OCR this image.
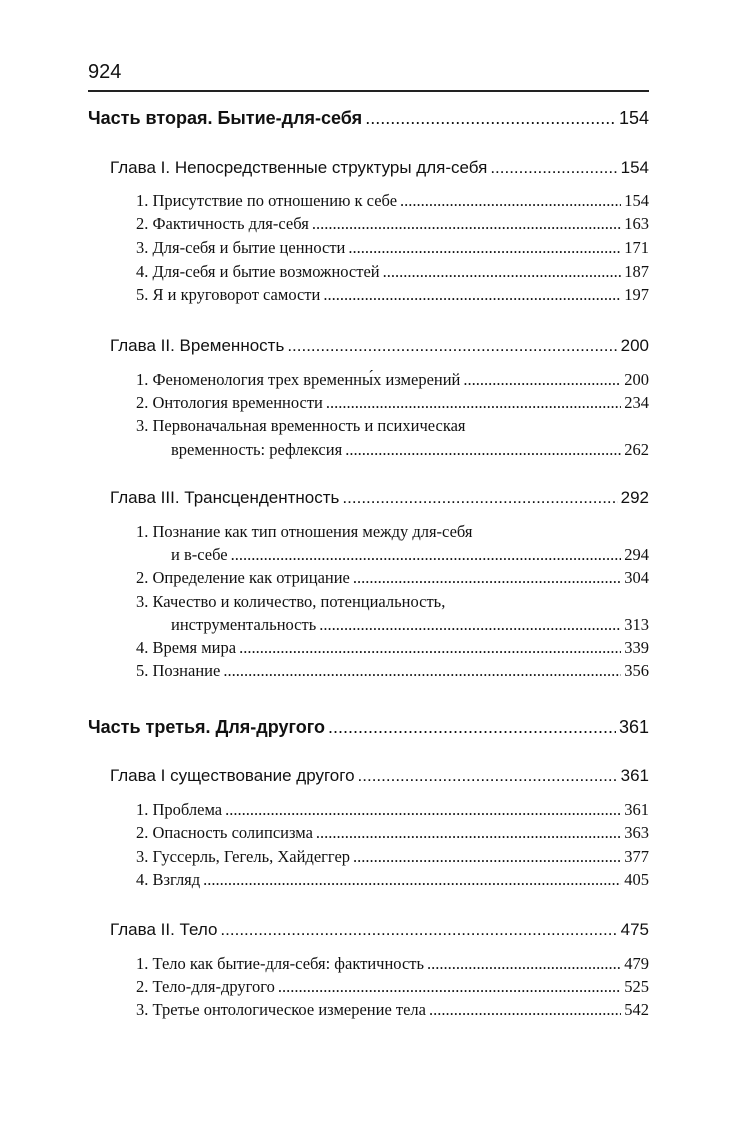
924
Часть вторая. Бытие-для-себя .....	154
Глава I. Непосредственные структуры для-себя .....	154
1. Присутствие по отношению к себе .....	154
2. Фактичность для-себя .....	163
3. Для-себя и бытие ценности .....	171
4. Для-себя и бытие возможностей .....	187
5. Я и круговорот самости .....	197
Глава II. Временность .....	200
1. Феноменология трех временны́х измерений .....	200
2. Онтология временности .....	234
3. Первоначальная временность и психическая
временность: рефлексия .....	262
Глава III. Трансцендентность .....	292
1. Познание как тип отношения между для-себя
и в-себе .....	294
2. Определение как отрицание .....	304
3. Качество и количество, потенциальность,
инструментальность .....	313
4. Время мира .....	339
5. Познание .....	356
Часть третья. Для-другого .....	361
Глава I существование другого .....	361
1. Проблема .....	361
2. Опасность солипсизма .....	363
3. Гуссерль, Гегель, Хайдеггер .....	377
4. Взгляд .....	405
Глава II. Тело .....	475
1. Тело как бытие-для-себя: фактичность .....	479
2. Тело-для-другого .....	525
3. Третье онтологическое измерение тела .....	542
